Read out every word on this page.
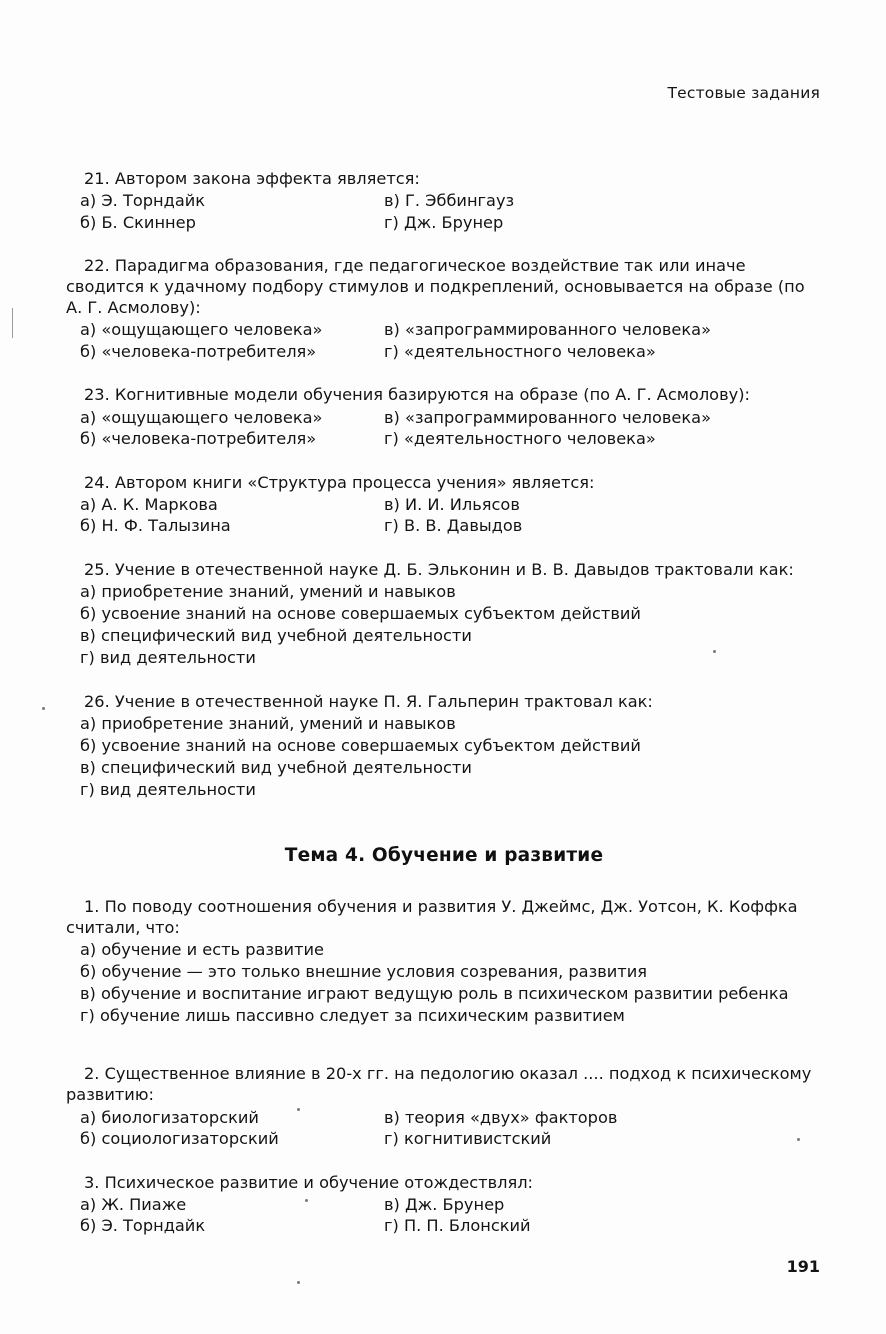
Тестовые задания
21. Автором закона эффекта является:
а) Э. Торндайк	в) Г. Эббингауз
б) Б. Скиннер	г) Дж. Брунер
22. Парадигма образования, где педагогическое воздействие так или иначе сводится к удачному подбору стимулов и подкреплений, основывается на образе (по А. Г. Асмолову):
а) «ощущающего человека»	в) «запрограммированного человека»
б) «человека-потребителя»	г) «деятельностного человека»
23. Когнитивные модели обучения базируются на образе (по А. Г. Асмолову):
а) «ощущающего человека»	в) «запрограммированного человека»
б) «человека-потребителя»	г) «деятельностного человека»
24. Автором книги «Структура процесса учения» является:
а) А. К. Маркова	в) И. И. Ильясов
б) Н. Ф. Талызина	г) В. В. Давыдов
25. Учение в отечественной науке Д. Б. Эльконин и В. В. Давыдов трактовали как:
а) приобретение знаний, умений и навыков
б) усвоение знаний на основе совершаемых субъектом действий
в) специфический вид учебной деятельности
г) вид деятельности
26. Учение в отечественной науке П. Я. Гальперин трактовал как:
а) приобретение знаний, умений и навыков
б) усвоение знаний на основе совершаемых субъектом действий
в) специфический вид учебной деятельности
г) вид деятельности
Тема 4. Обучение и развитие
1. По поводу соотношения обучения и развития У. Джеймс, Дж. Уотсон, К. Коффка считали, что:
а) обучение и есть развитие
б) обучение — это только внешние условия созревания, развития
в) обучение и воспитание играют ведущую роль в психическом развитии ребенка
г) обучение лишь пассивно следует за психическим развитием
2. Существенное влияние в 20-х гг. на педологию оказал .... подход к психическому развитию:
а) биологизаторский	в) теория «двух» факторов
б) социологизаторский	г) когнитивистский
3. Психическое развитие и обучение отождествлял:
а) Ж. Пиаже	в) Дж. Брунер
б) Э. Торндайк	г) П. П. Блонский
191
